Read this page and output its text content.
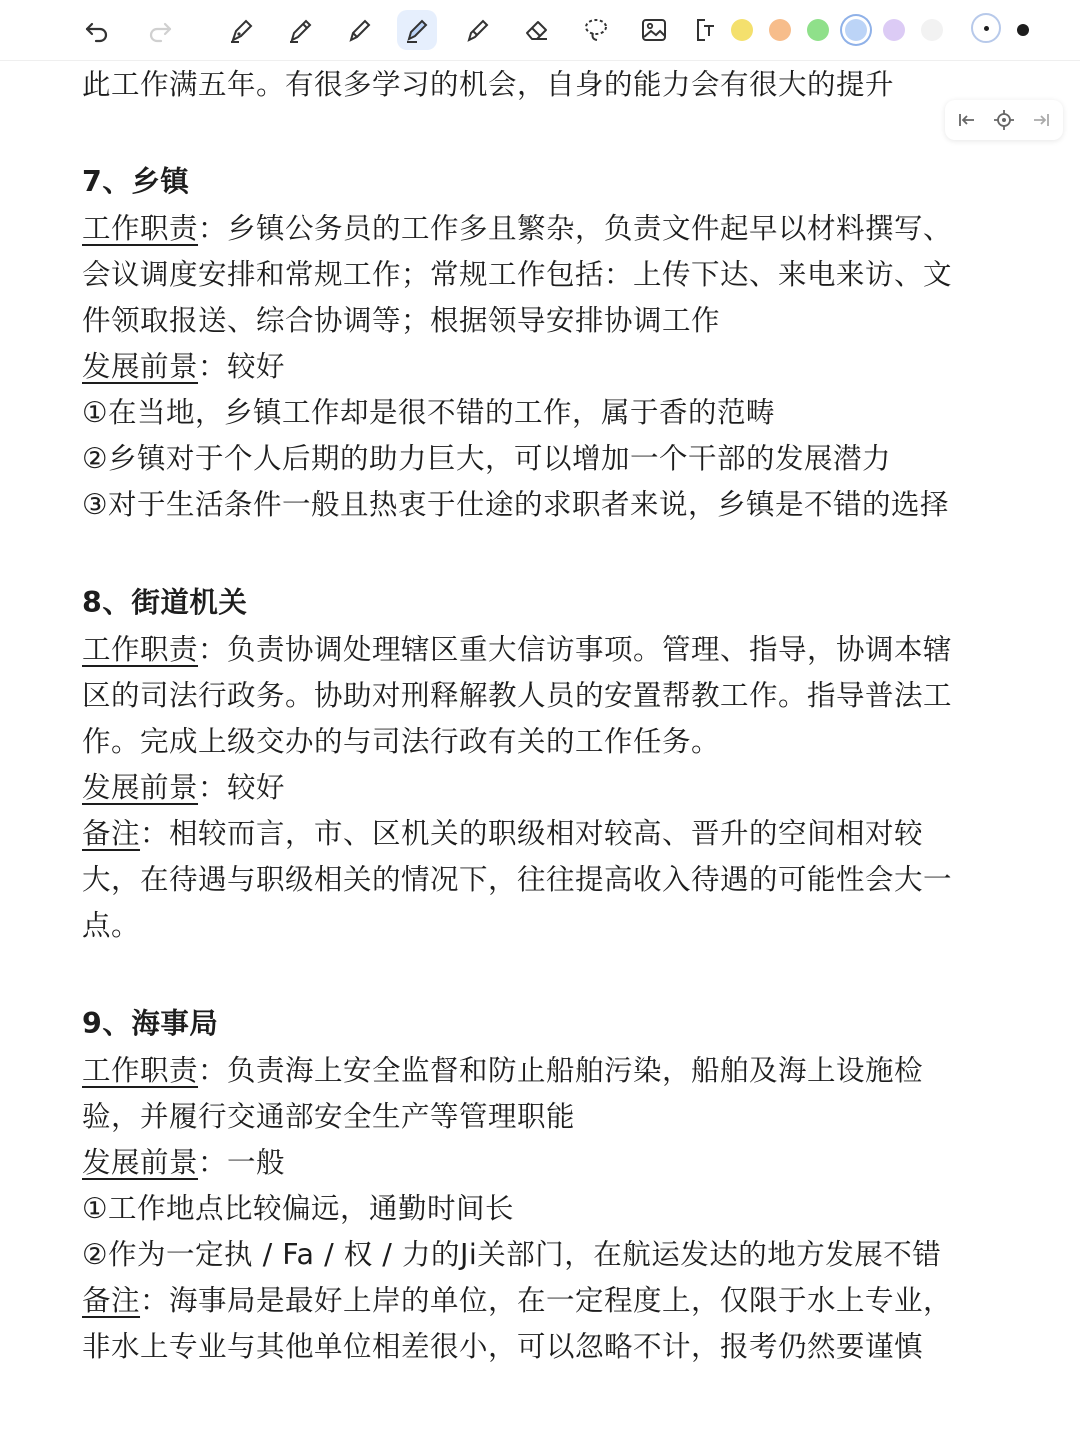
此工作满五年。有很多学习的机会，自身的能力会有很大的提升
7、乡镇
工作职责：乡镇公务员的工作多且繁杂，负责文件起早以材料撰写、
会议调度安排和常规工作；常规工作包括：上传下达、来电来访、文
件领取报送、综合协调等；根据领导安排协调工作
发展前景：较好
①在当地，乡镇工作却是很不错的工作，属于香的范畴
②乡镇对于个人后期的助力巨大，可以增加一个干部的发展潜力
③对于生活条件一般且热衷于仕途的求职者来说，乡镇是不错的选择
8、街道机关
工作职责：负责协调处理辖区重大信访事项。管理、指导，协调本辖
区的司法行政务。协助对刑释解教人员的安置帮教工作。指导普法工
作。完成上级交办的与司法行政有关的工作任务。
发展前景：较好
备注：相较而言，市、区机关的职级相对较高、晋升的空间相对较
大，在待遇与职级相关的情况下，往往提高收入待遇的可能性会大一
点。
9、海事局
工作职责：负责海上安全监督和防止船舶污染，船舶及海上设施检
验，并履行交通部安全生产等管理职能
发展前景：一般
①工作地点比较偏远，通勤时间长
②作为一定执 / Fa / 权 / 力的Ji关部门，在航运发达的地方发展不错
备注：海事局是最好上岸的单位，在一定程度上，仅限于水上专业，
非水上专业与其他单位相差很小，可以忽略不计，报考仍然要谨慎
